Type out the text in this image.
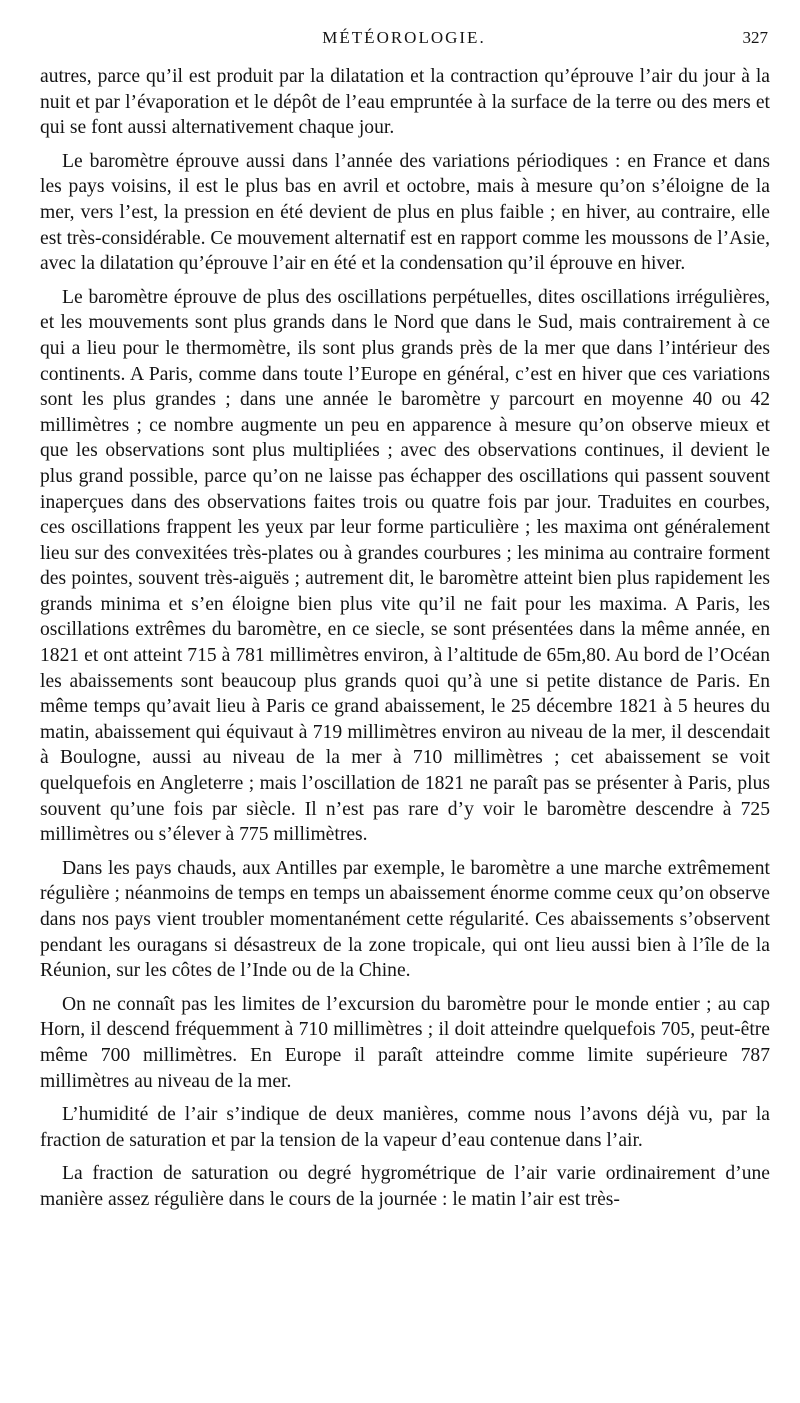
MÉTÉOROLOGIE.	327

autres, parce qu’il est produit par la dilatation et la contraction qu’éprouve l’air du jour à la nuit et par l’évaporation et le dépôt de l’eau empruntée à la surface de la terre ou des mers et qui se font aussi alternativement chaque jour.

Le baromètre éprouve aussi dans l’année des variations périodiques : en France et dans les pays voisins, il est le plus bas en avril et octobre, mais à mesure qu’on s’éloigne de la mer, vers l’est, la pression en été devient de plus en plus faible ; en hiver, au contraire, elle est très-considérable. Ce mouvement alternatif est en rapport comme les moussons de l’Asie, avec la dilatation qu’éprouve l’air en été et la condensation qu’il éprouve en hiver.

Le baromètre éprouve de plus des oscillations perpétuelles, dites oscillations irrégulières, et les mouvements sont plus grands dans le Nord que dans le Sud, mais contrairement à ce qui a lieu pour le thermomètre, ils sont plus grands près de la mer que dans l’intérieur des continents. A Paris, comme dans toute l’Europe en général, c’est en hiver que ces variations sont les plus grandes ; dans une année le baromètre y parcourt en moyenne 40 ou 42 millimètres ; ce nombre augmente un peu en apparence à mesure qu’on observe mieux et que les observations sont plus multipliées ; avec des observations continues, il devient le plus grand possible, parce qu’on ne laisse pas échapper des oscillations qui passent souvent inaperçues dans des observations faites trois ou quatre fois par jour. Traduites en courbes, ces oscillations frappent les yeux par leur forme particulière ; les maxima ont généralement lieu sur des convexitées très-plates ou à grandes courbures ; les minima au contraire forment des pointes, souvent très-aiguës ; autrement dit, le baromètre atteint bien plus rapidement les grands minima et s’en éloigne bien plus vite qu’il ne fait pour les maxima. A Paris, les oscillations extrêmes du baromètre, en ce siecle, se sont présentées dans la même année, en 1821 et ont atteint 715 à 781 millimètres environ, à l’altitude de 65m,80. Au bord de l’Océan les abaissements sont beaucoup plus grands quoi qu’à une si petite distance de Paris. En même temps qu’avait lieu à Paris ce grand abaissement, le 25 décembre 1821 à 5 heures du matin, abaissement qui équivaut à 719 millimètres environ au niveau de la mer, il descendait à Boulogne, aussi au niveau de la mer à 710 millimètres ; cet abaissement se voit quelquefois en Angleterre ; mais l’oscillation de 1821 ne paraît pas se présenter à Paris, plus souvent qu’une fois par siècle. Il n’est pas rare d’y voir le baromètre descendre à 725 millimètres ou s’élever à 775 millimètres.

Dans les pays chauds, aux Antilles par exemple, le baromètre a une marche extrêmement régulière ; néanmoins de temps en temps un abaissement énorme comme ceux qu’on observe dans nos pays vient troubler momentanément cette régularité. Ces abaissements s’observent pendant les ouragans si désastreux de la zone tropicale, qui ont lieu aussi bien à l’île de la Réunion, sur les côtes de l’Inde ou de la Chine.

On ne connaît pas les limites de l’excursion du baromètre pour le monde entier ; au cap Horn, il descend fréquemment à 710 millimètres ; il doit atteindre quelquefois 705, peut-être même 700 millimètres. En Europe il paraît atteindre comme limite supérieure 787 millimètres au niveau de la mer.

L’humidité de l’air s’indique de deux manières, comme nous l’avons déjà vu, par la fraction de saturation et par la tension de la vapeur d’eau contenue dans l’air.

La fraction de saturation ou degré hygrométrique de l’air varie ordinairement d’une manière assez régulière dans le cours de la journée : le matin l’air est très-
